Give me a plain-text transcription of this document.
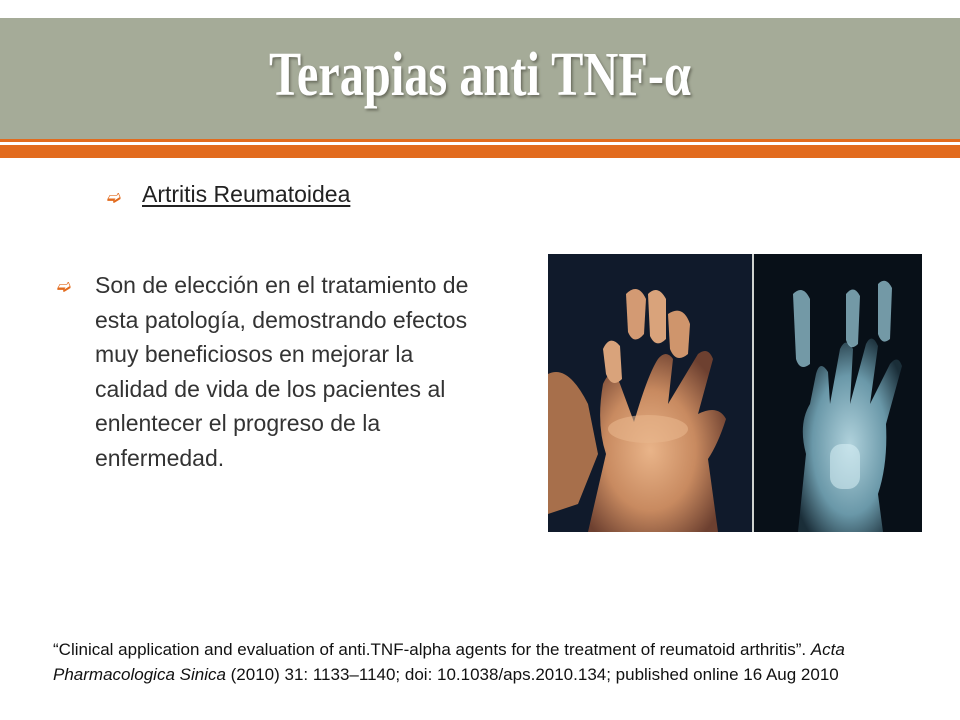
Terapias anti TNF-α
➫ Artritis Reumatoidea
➫ Son de elección en el tratamiento de esta patología, demostrando efectos muy beneficiosos en mejorar la calidad de vida de los pacientes al enlentecer el progreso de la enfermedad.
“Clinical application and evaluation of anti.TNF-alpha agents for the treatment of reumatoid arthritis”. Acta Pharmacologica Sinica (2010) 31: 1133–1140; doi: 10.1038/aps.2010.134; published online 16 Aug 2010
